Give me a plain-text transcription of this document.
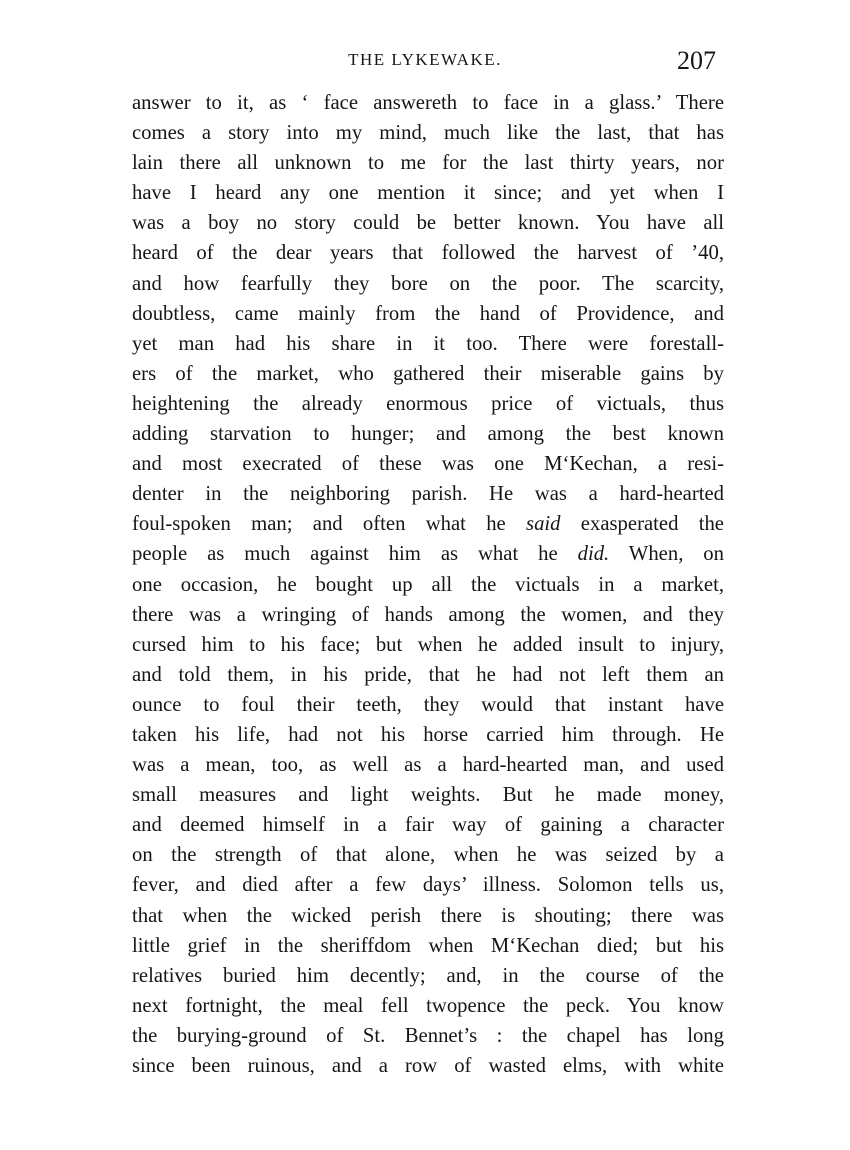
THE LYKEWAKE.	207
answer to it, as ‘ face answereth to face in a glass.’ There
comes a story into my mind, much like the last, that has
lain there all unknown to me for the last thirty years, nor
have I heard any one mention it since; and yet when I
was a boy no story could be better known. You have all
heard of the dear years that followed the harvest of ’40,
and how fearfully they bore on the poor. The scarcity,
doubtless, came mainly from the hand of Providence, and
yet man had his share in it too. There were forestall-
ers of the market, who gathered their miserable gains by
heightening the already enormous price of victuals, thus
adding starvation to hunger; and among the best known
and most execrated of these was one M‘Kechan, a resi-
denter in the neighboring parish. He was a hard-hearted
foul-spoken man; and often what he said exasperated the
people as much against him as what he did. When, on
one occasion, he bought up all the victuals in a market,
there was a wringing of hands among the women, and they
cursed him to his face; but when he added insult to injury,
and told them, in his pride, that he had not left them an
ounce to foul their teeth, they would that instant have
taken his life, had not his horse carried him through. He
was a mean, too, as well as a hard-hearted man, and used
small measures and light weights. But he made money,
and deemed himself in a fair way of gaining a character
on the strength of that alone, when he was seized by a
fever, and died after a few days’ illness. Solomon tells us,
that when the wicked perish there is shouting; there was
little grief in the sheriffdom when M‘Kechan died; but his
relatives buried him decently; and, in the course of the
next fortnight, the meal fell twopence the peck. You know
the burying-ground of St. Bennet’s : the chapel has long
since been ruinous, and a row of wasted elms, with white
